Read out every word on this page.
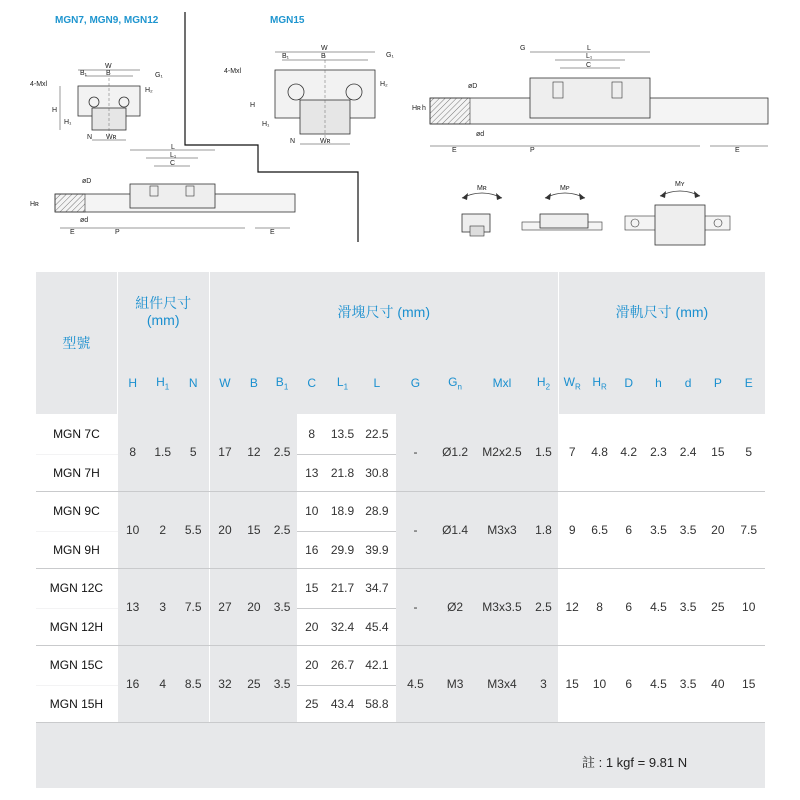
MGN7, MGN9, MGN12	MGN15
W
B₁	B	G₁
4-Mxl
H
H₁
H₂
N Wʀ
L
L₁
C
øD
ød
Hʀ
E	P	E
W
B₁	B	G₁
4-Mxl
H
H₁
H₂
N	Wʀ
G	L
L₁
C
øD
Hʀ h
ød
E	P	E
Mʀ	Mᴘ
Mʏ
型號	組件尺寸 (mm)			滑塊尺寸 (mm)										滑軌尺寸 (mm)						
	H	$H_1$	N	W	B	$B_1$	C	$L_1$	L	G	$G_n$	Mxl	$H_2$	$W_R$	$H_R$	D	h	d	P	E
MGN 7C	8	1.5	5	17	12	2.5	8	13.5	22.5	-	Ø1.2	M2x2.5	1.5	7	4.8	4.2	2.3	2.4	15	5
MGN 7H							13	21.8	30.8											
MGN 9C	10	2	5.5	20	15	2.5	10	18.9	28.9	-	Ø1.4	M3x3	1.8	9	6.5	6	3.5	3.5	20	7.5
MGN 9H							16	29.9	39.9											
MGN 12C	13	3	7.5	27	20	3.5	15	21.7	34.7	-	Ø2	M3x3.5	2.5	12	8	6	4.5	3.5	25	10
MGN 12H							20	32.4	45.4											
MGN 15C	16	4	8.5	32	25	3.5	20	26.7	42.1	4.5	M3	M3x4	3	15	10	6	4.5	3.5	40	15
MGN 15H							25	43.4	58.8											
註 : 1 kgf = 9.81 N
